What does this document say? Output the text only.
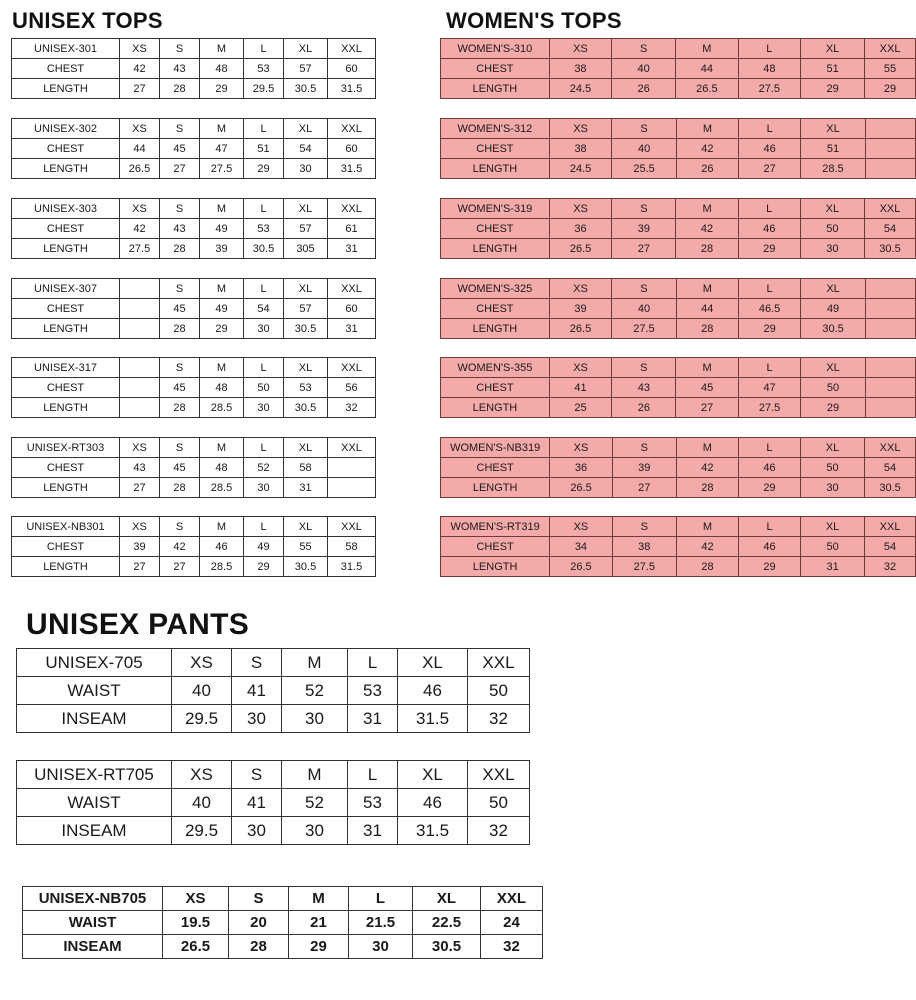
UNISEX TOPS	WOMEN'S TOPS
UNISEX PANTS
UNISEX-301	XS	S	M	L	XL	XXL
CHEST	42	43	48	53	57	60
LENGTH	27	28	29	29.5	30.5	31.5
UNISEX-302	XS	S	M	L	XL	XXL
CHEST	44	45	47	51	54	60
LENGTH	26.5	27	27.5	29	30	31.5
UNISEX-303	XS	S	M	L	XL	XXL
CHEST	42	43	49	53	57	61
LENGTH	27.5	28	39	30.5	305	31
UNISEX-307		S	M	L	XL	XXL
CHEST		45	49	54	57	60
LENGTH		28	29	30	30.5	31
UNISEX-317		S	M	L	XL	XXL
CHEST		45	48	50	53	56
LENGTH		28	28.5	30	30.5	32
UNISEX-RT303	XS	S	M	L	XL	XXL
CHEST	43	45	48	52	58	
LENGTH	27	28	28.5	30	31	
UNISEX-NB301	XS	S	M	L	XL	XXL
CHEST	39	42	46	49	55	58
LENGTH	27	27	28.5	29	30.5	31.5
WOMEN'S-310	XS	S	M	L	XL	XXL
CHEST	38	40	44	48	51	55
LENGTH	24.5	26	26.5	27.5	29	29
WOMEN'S-312	XS	S	M	L	XL	
CHEST	38	40	42	46	51	
LENGTH	24.5	25.5	26	27	28.5	
WOMEN'S-319	XS	S	M	L	XL	XXL
CHEST	36	39	42	46	50	54
LENGTH	26.5	27	28	29	30	30.5
WOMEN'S-325	XS	S	M	L	XL	
CHEST	39	40	44	46.5	49	
LENGTH	26.5	27.5	28	29	30.5	
WOMEN'S-355	XS	S	M	L	XL	
CHEST	41	43	45	47	50	
LENGTH	25	26	27	27.5	29	
WOMEN'S-NB319	XS	S	M	L	XL	XXL
CHEST	36	39	42	46	50	54
LENGTH	26.5	27	28	29	30	30.5
WOMEN'S-RT319	XS	S	M	L	XL	XXL
CHEST	34	38	42	46	50	54
LENGTH	26.5	27.5	28	29	31	32
UNISEX-705	XS	S	M	L	XL	XXL
WAIST	40	41	52	53	46	50
INSEAM	29.5	30	30	31	31.5	32
UNISEX-RT705	XS	S	M	L	XL	XXL
WAIST	40	41	52	53	46	50
INSEAM	29.5	30	30	31	31.5	32
UNISEX-NB705	XS	S	M	L	XL	XXL
WAIST	19.5	20	21	21.5	22.5	24
INSEAM	26.5	28	29	30	30.5	32
